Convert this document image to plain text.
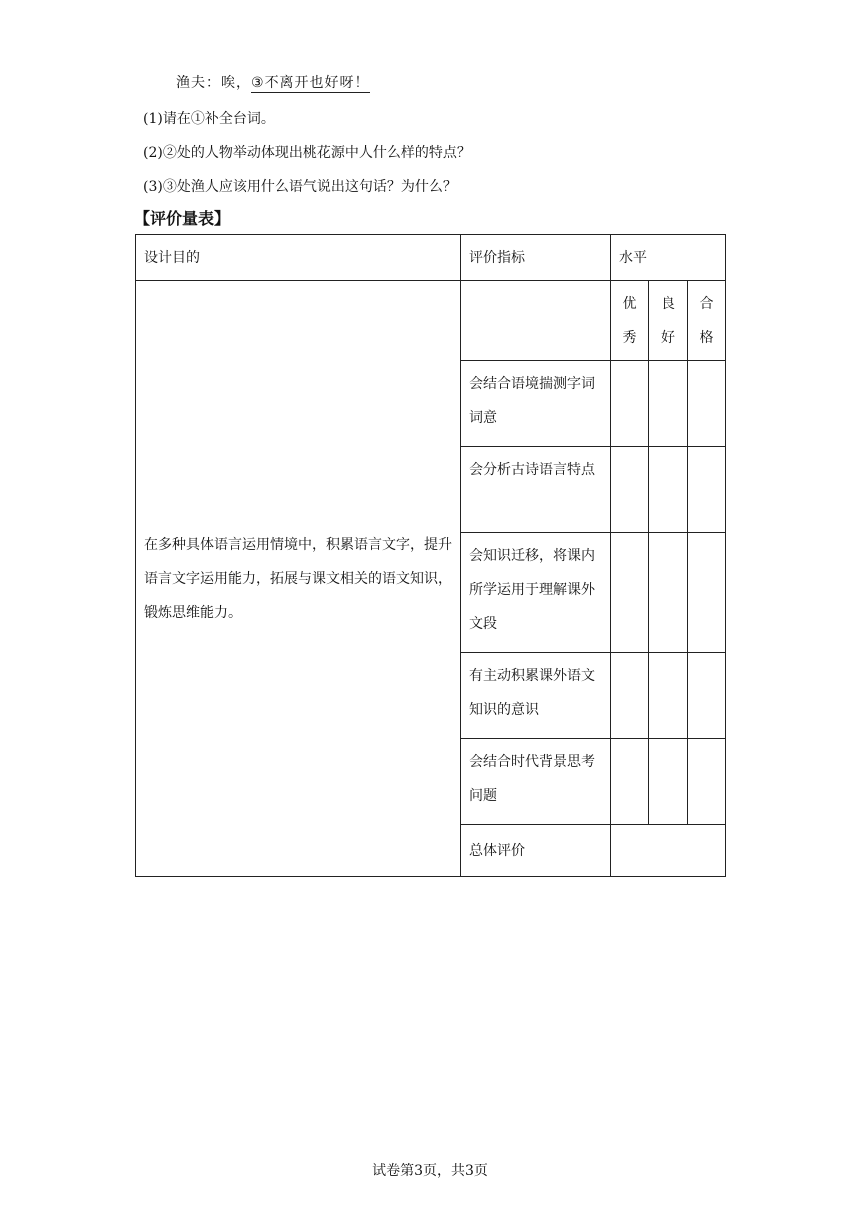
渔夫：唉，③不离开也好呀！
(1)请在①补全台词。
(2)②处的人物举动体现出桃花源中人什么样的特点？
(3)③处渔人应该用什么语气说出这句话？为什么？
【评价量表】
设计目的	评价指标	水平		
在多种具体语言运用情境中，积累语言文字，提升语言文字运用能力，拓展与课文相关的语文知识，锻炼思维能力。		优秀	良好	合格
	会结合语境揣测字词词意			
	会分析古诗语言特点			
	会知识迁移，将课内所学运用于理解课外文段			
	有主动积累课外语文知识的意识			
	会结合时代背景思考问题			
	总体评价			
试卷第3页，共3页
